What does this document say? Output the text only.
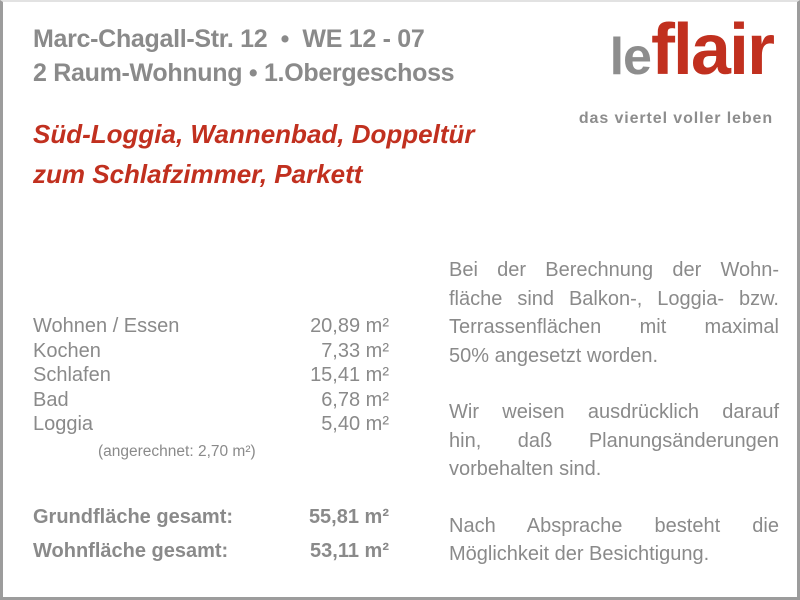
Marc-Chagall-Str. 12  •  WE 12 - 07
2 Raum-Wohnung • 1.Obergeschoss	leflair
das viertel voller leben
Süd-Loggia, Wannenbad, Doppeltür
zum Schlafzimmer, Parkett
Wohnen / Essen	20,89 m²
Kochen	7,33 m²
Schlafen	15,41 m²
Bad	6,78 m²
Loggia	5,40 m²
(angerechnet: 2,70 m²)
Grundfläche gesamt:	55,81 m²
Wohnfläche gesamt:	53,11 m²
Bei der Berechnung der Wohn-
fläche sind Balkon-, Loggia- bzw.
Terrassenflächen mit maximal
50% angesetzt worden.
Wir weisen ausdrücklich darauf
hin, daß Planungsänderungen
vorbehalten sind.
Nach Absprache besteht die
Möglichkeit der Besichtigung.
